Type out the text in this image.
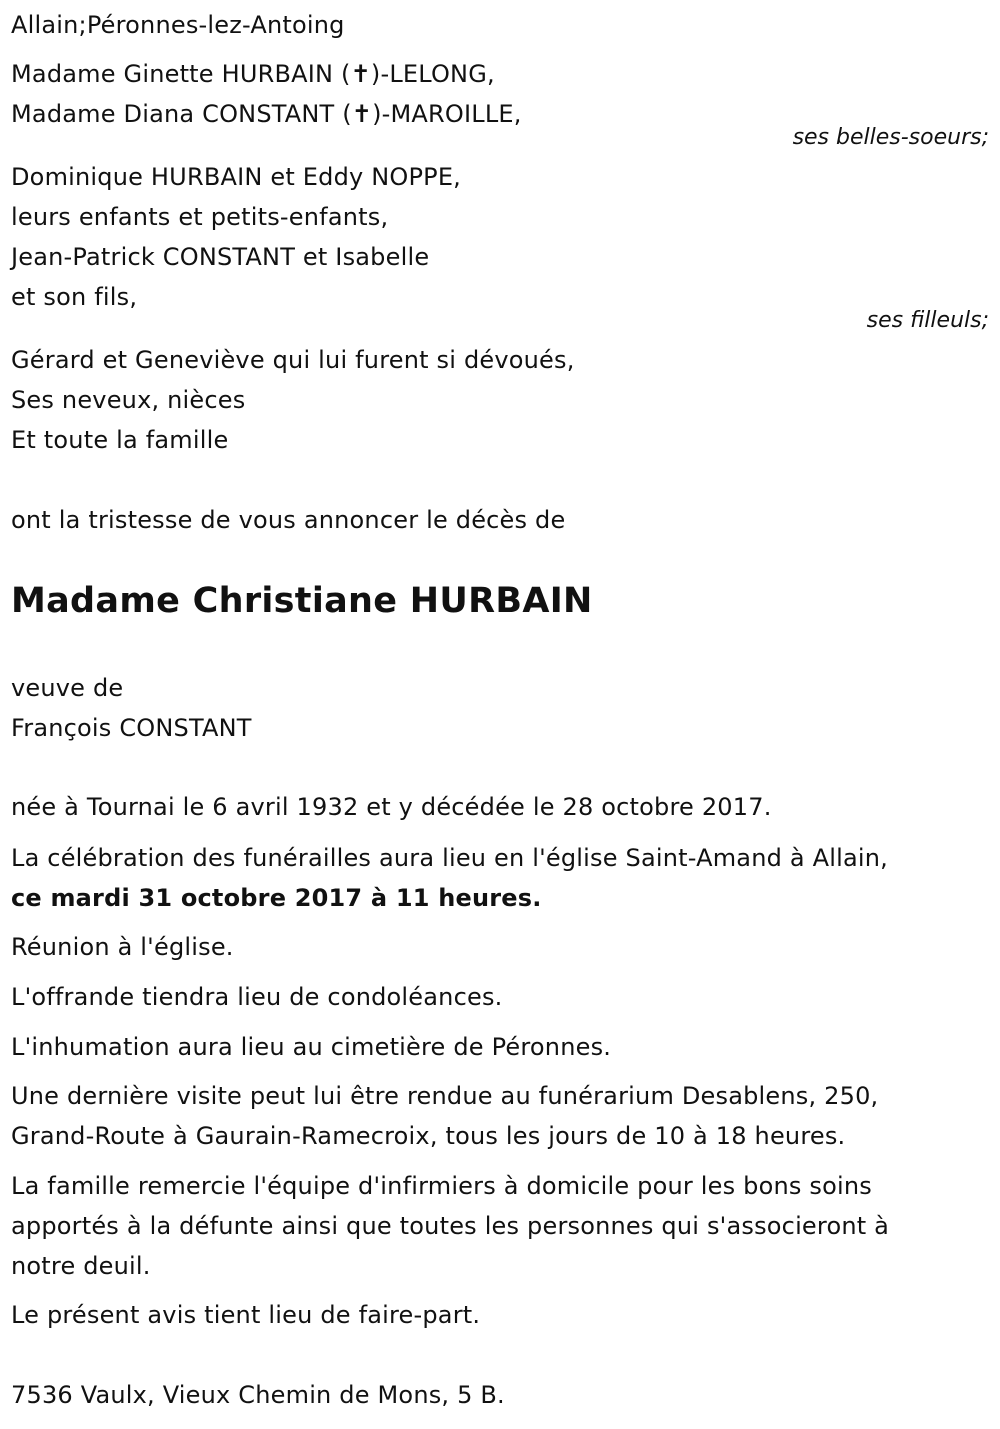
Allain;Péronnes-lez-Antoing
Madame Ginette HURBAIN (✝)-LELONG,
Madame Diana CONSTANT (✝)-MAROILLE,
ses belles-soeurs;
Dominique HURBAIN et Eddy NOPPE,
leurs enfants et petits-enfants,
Jean-Patrick CONSTANT et Isabelle
et son fils,
ses filleuls;
Gérard et Geneviève qui lui furent si dévoués,
Ses neveux, nièces
Et toute la famille
ont la tristesse de vous annoncer le décès de
Madame Christiane HURBAIN
veuve de
François CONSTANT
née à Tournai le 6 avril 1932 et y décédée le 28 octobre 2017.
La célébration des funérailles aura lieu en l'église Saint-Amand à Allain,
ce mardi 31 octobre 2017 à 11 heures.
Réunion à l'église.
L'offrande tiendra lieu de condoléances.
L'inhumation aura lieu au cimetière de Péronnes.
Une dernière visite peut lui être rendue au funérarium Desablens, 250,
Grand-Route à Gaurain-Ramecroix, tous les jours de 10 à 18 heures.
La famille remercie l'équipe d'infirmiers à domicile pour les bons soins
apportés à la défunte ainsi que toutes les personnes qui s'associeront à
notre deuil.
Le présent avis tient lieu de faire-part.
7536 Vaulx, Vieux Chemin de Mons, 5 B.
